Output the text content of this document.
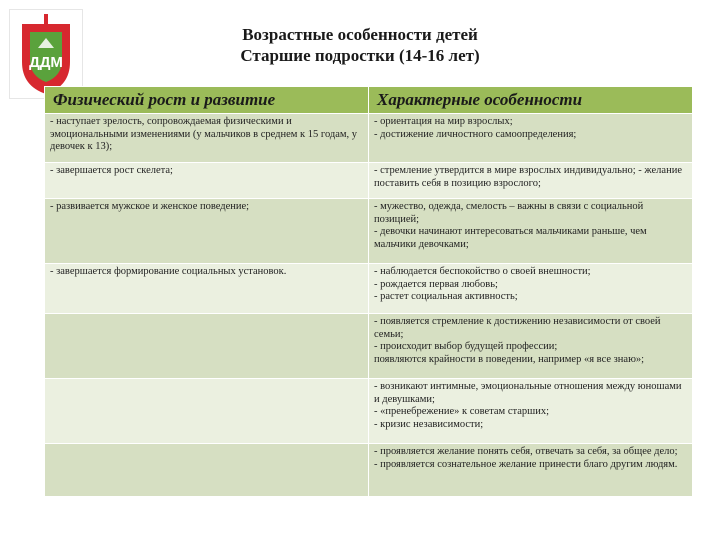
ДДМ
Возрастные особенности детей
Старшие подростки (14-16 лет)
Физический рост и развитие	Характерные особенности
- наступает зрелость, сопровождаемая физическими и эмоциональными изменениями (у мальчиков в среднем к 15 годам, у девочек к 13);	- ориентация на мир взрослых;
- достижение личностного самоопределения;
- завершается рост скелета;	- стремление утвердится в мире взрослых индивидуально; - желание поставить себя в позицию взрослого;
- развивается мужское и женское поведение;	- мужество, одежда, смелость – важны в связи с социальной позицией;
- девочки начинают интересоваться мальчиками раньше, чем мальчики девочками;
- завершается формирование социальных установок.	- наблюдается беспокойство о своей внешности;
- рождается первая любовь;
- растет социальная активность;
	- появляется стремление к достижению независимости от своей семьи;
- происходит выбор будущей профессии;
появляются крайности в поведении, например «я все знаю»;
	- возникают интимные, эмоциональные отношения между юношами и девушками;
- «пренебрежение» к советам старших;
- кризис независимости;
	- проявляется желание понять себя, отвечать за себя, за общее дело;
- проявляется сознательное желание принести благо другим людям.
